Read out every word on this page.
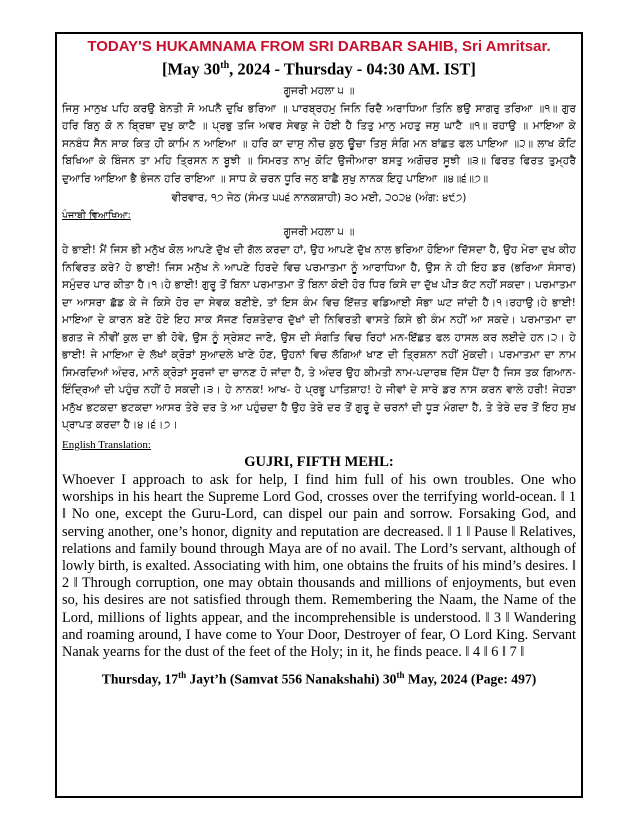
TODAY'S HUKAMNAMA FROM SRI DARBAR SAHIB, Sri Amritsar.

[May 30th, 2024 - Thursday - 04:30 AM. IST]

ਗੂਜਰੀ ਮਹਲਾ ੫ ॥

ਜਿਸੁ ਮਾਨੁਖ ਪਹਿ ਕਰਉ ਬੇਨਤੀ ਸੋ ਅਪਨੈ ਦੁਖਿ ਭਰਿਆ ॥ ਪਾਰਬ੍ਰਹਮੁ ਜਿਨਿ ਰਿਦੈ ਅਰਾਧਿਆ ਤਿਨਿ ਭਉ ਸਾਗਰੁ ਤਰਿਆ ॥੧॥ ਗੁਰ ਹਰਿ ਬਿਨੁ ਕੋ ਨ ਬ੍ਰਿਥਾ ਦੁਖੁ ਕਾਟੈ ॥ ਪ੍ਰਭੁ ਤਜਿ ਅਵਰ ਸੇਵਕੁ ਜੇ ਹੋਈ ਹੈ ਤਿਤੁ ਮਾਨੁ ਮਹਤੁ ਜਸੁ ਘਾਟੈ ॥੧॥ ਰਹਾਉ ॥ ਮਾਇਆ ਕੇ ਸਨਬੰਧ ਸੈਨ ਸਾਕ ਕਿਤ ਹੀ ਕਾਮਿ ਨ ਆਇਆ ॥ ਹਰਿ ਕਾ ਦਾਸੁ ਨੀਚ ਕੁਲੁ ਊਚਾ ਤਿਸੁ ਸੰਗਿ ਮਨ ਬਾਂਛਤ ਫਲ ਪਾਇਆ ॥੨॥ ਲਾਖ ਕੋਟਿ ਬਿਖਿਆ ਕੇ ਬਿੰਜਨ ਤਾ ਮਹਿ ਤ੍ਰਿਸਨ ਨ ਬੂਝੀ ॥ ਸਿਮਰਤ ਨਾਮੁ ਕੋਟਿ ਉਜੀਆਰਾ ਬਸਤੁ ਅਗੋਚਰ ਸੂਝੀ ॥੩॥ ਫਿਰਤ ਫਿਰਤ ਤੁਮ੍ਹਰੈ ਦੁਆਰਿ ਆਇਆ ਭੈ ਭੰਜਨ ਹਰਿ ਰਾਇਆ ॥ ਸਾਧ ਕੇ ਚਰਨ ਧੂਰਿ ਜਨੁ ਬਾਛੈ ਸੁਖੁ ਨਾਨਕ ਇਹੁ ਪਾਇਆ ॥੪॥੬॥੭॥

ਵੀਰਵਾਰ, ੧੭ ਜੇਠ (ਸੰਮਤ ੫੫੬ ਨਾਨਕਸ਼ਾਹੀ) ੩੦ ਮਈ, ੨੦੨੪ (ਅੰਗ: ੪੯੭)
ਪੰਜਾਬੀ ਵਿਆਖਿਆ:
ਗੂਜਰੀ ਮਹਲਾ ੫ ॥

ਹੇ ਭਾਈ! ਮੈਂ ਜਿਸ ਭੀ ਮਨੁੱਖ ਕੋਲ ਆਪਣੇ ਦੁੱਖ ਦੀ ਗੱਲ ਕਰਦਾ ਹਾਂ, ਉਹ ਆਪਣੇ ਦੁੱਖ ਨਾਲ ਭਰਿਆ ਹੋਇਆ ਦਿੱਸਦਾ ਹੈ, ਉਹ ਮੇਰਾ ਦੁਖ ਕੀਹ ਨਿਵਿਰਤ ਕਰੇ? ਹੇ ਭਾਈ! ਜਿਸ ਮਨੁੱਖ ਨੇ ਆਪਣੇ ਹਿਰਦੇ ਵਿਚ ਪਰਮਾਤਮਾ ਨੂੰ ਆਰਾਧਿਆ ਹੈ, ਉਸ ਨੇ ਹੀ ਇਹ ਡਰ (ਭਰਿਆ ਸੰਸਾਰ) ਸਮੁੰਦਰ ਪਾਰ ਕੀਤਾ ਹੈ।੧।ਹੇ ਭਾਈ! ਗੁਰੂ ਤੋਂ ਬਿਨਾ ਪਰਮਾਤਮਾ ਤੋਂ ਬਿਨਾ ਕੋਈ ਹੋਰ ਧਿਰ ਕਿਸੇ ਦਾ ਦੁੱਖ ਪੀੜ ਕੱਟ ਨਹੀਂ ਸਕਦਾ। ਪਰਮਾਤਮਾ ਦਾ ਆਸਰਾ ਛੱਡ ਕੇ ਜੇ ਕਿਸੇ ਹੋਰ ਦਾ ਸੇਵਕ ਬਣੀਏ, ਤਾਂ ਇਸ ਕੰਮ ਵਿਚ ਇੱਜ਼ਤ ਵਡਿਆਈ ਸੋਭਾ ਘਟ ਜਾਂਦੀ ਹੈ।੧।ਰਹਾਉ।ਹੇ ਭਾਈ! ਮਾਇਆ ਦੇ ਕਾਰਨ ਬਣੇ ਹੋਏ ਇਹ ਸਾਕ ਸੱਜਣ ਰਿਸ਼ਤੇਦਾਰ ਦੁੱਖਾਂ ਦੀ ਨਿਵਿਰਤੀ ਵਾਸਤੇ ਕਿਸੇ ਭੀ ਕੰਮ ਨਹੀਂ ਆ ਸਕਦੇ। ਪਰਮਾਤਮਾ ਦਾ ਭਗਤ ਜੇ ਨੀਵੀਂ ਕੁਲ ਦਾ ਭੀ ਹੋਵੇ, ਉਸ ਨੂੰ ਸ੍ਰੇਸ਼ਟ ਜਾਣੋ, ਉਸ ਦੀ ਸੰਗਤਿ ਵਿਚ ਰਿਹਾਂ ਮਨ-ਇੱਛਤ ਫਲ ਹਾਸਲ ਕਰ ਲਈਦੇ ਹਨ।੨। ਹੇ ਭਾਈ! ਜੇ ਮਾਇਆ ਦੇ ਲੱਖਾਂ ਕ੍ਰੋੜਾਂ ਸੁਆਦਲੇ ਖਾਣੇ ਹੋਣ, ਉਹਨਾਂ ਵਿਚ ਲੱਗਿਆਂ ਖਾਣ ਦੀ ਤ੍ਰਿਸ਼ਨਾ ਨਹੀਂ ਮੁੱਕਦੀ। ਪਰਮਾਤਮਾ ਦਾ ਨਾਮ ਸਿਮਰਦਿਆਂ ਅੰਦਰ, ਮਾਨੋ ਕ੍ਰੋੜਾਂ ਸੂਰਜਾਂ ਦਾ ਚਾਨਣ ਹੋ ਜਾਂਦਾ ਹੈ, ਤੇ ਅੰਦਰ ਉਹ ਕੀਮਤੀ ਨਾਮ-ਪਦਾਰਥ ਦਿੱਸ ਪੈਂਦਾ ਹੈ ਜਿਸ ਤਕ ਗਿਆਨ-ਇੰਦ੍ਰਿਆਂ ਦੀ ਪਹੁੰਚ ਨਹੀਂ ਹੋ ਸਕਦੀ।੩। ਹੇ ਨਾਨਕ! ਆਖ- ਹੇ ਪ੍ਰਭੂ ਪਾਤਿਸ਼ਾਹ! ਹੇ ਜੀਵਾਂ ਦੇ ਸਾਰੇ ਡਰ ਨਾਸ ਕਰਨ ਵਾਲੇ ਹਰੀ! ਜੇਹੜਾ ਮਨੁੱਖ ਭਟਕਦਾ ਭਟਕਦਾ ਆਸਰ ਤੇਰੇ ਦਰ ਤੇ ਆ ਪਹੁੰਚਦਾ ਹੈ ਉਹ ਤੇਰੇ ਦਰ ਤੋਂ ਗੁਰੂ ਦੇ ਚਰਨਾਂ ਦੀ ਧੂੜ ਮੰਗਦਾ ਹੈ, ਤੇ ਤੇਰੇ ਦਰ ਤੋਂ ਇਹ ਸੁਖ ਪ੍ਰਾਪਤ ਕਰਦਾ ਹੈ।੪।੬।੭।

English Translation:
GUJRI, FIFTH MEHL:

Whoever I approach to ask for help, I find him full of his own troubles. One who worships in his heart the Supreme Lord God, crosses over the terrifying world-ocean. ‖ 1 ‖ No one, except the Guru-Lord, can dispel our pain and sorrow. Forsaking God, and serving another, one’s honor, dignity and reputation are decreased. ‖ 1 ‖ Pause ‖ Relatives, relations and family bound through Maya are of no avail. The Lord’s servant, although of lowly birth, is exalted. Associating with him, one obtains the fruits of his mind’s desires. ‖ 2 ‖ Through corruption, one may obtain thousands and millions of enjoyments, but even so, his desires are not satisfied through them. Remembering the Naam, the Name of the Lord, millions of lights appear, and the incomprehensible is understood. ‖ 3 ‖ Wandering and roaming around, I have come to Your Door, Destroyer of fear, O Lord King. Servant Nanak yearns for the dust of the feet of the Holy; in it, he finds peace. ‖ 4 ‖ 6 ‖ 7 ‖

Thursday, 17th Jayt’h (Samvat 556 Nanakshahi) 30th May, 2024 (Page: 497)
